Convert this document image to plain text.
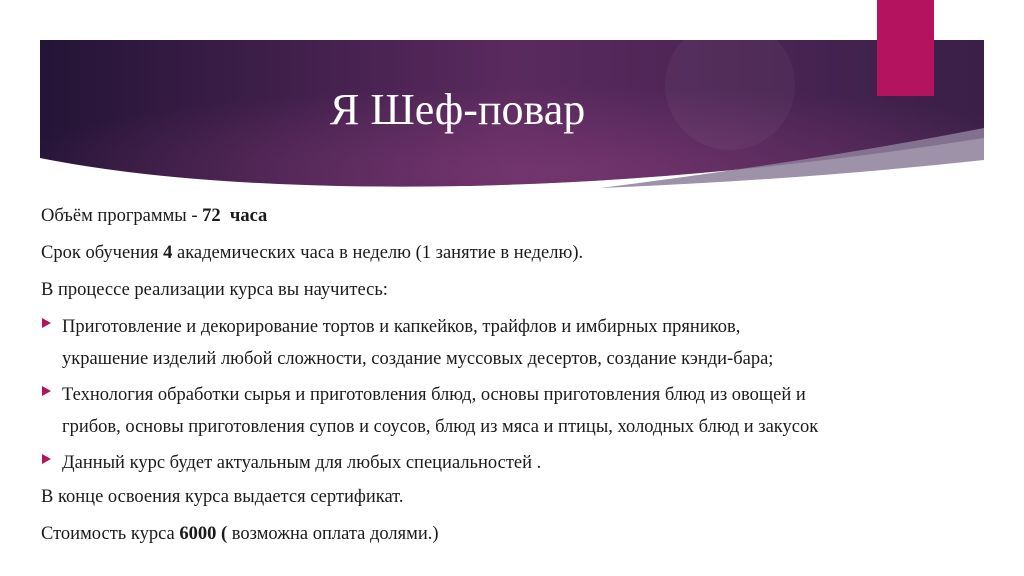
Я Шеф-повар
Объём программы - 72 часа
Срок обучения 4 академических часа в неделю (1 занятие в неделю).
В процессе реализации курса вы научитесь:
Приготовление и декорирование тортов и капкейков, трайфлов и имбирных пряников,
украшение изделий любой сложности, создание муссовых десертов, создание кэнди-бара;
Технология обработки сырья и приготовления блюд, основы приготовления блюд из овощей и
грибов, основы приготовления супов и соусов, блюд из мяса и птицы, холодных блюд и закусок
Данный курс будет актуальным для любых специальностей .
В конце освоения курса выдается сертификат.
Стоимость курса 6000 ( возможна оплата долями.)
